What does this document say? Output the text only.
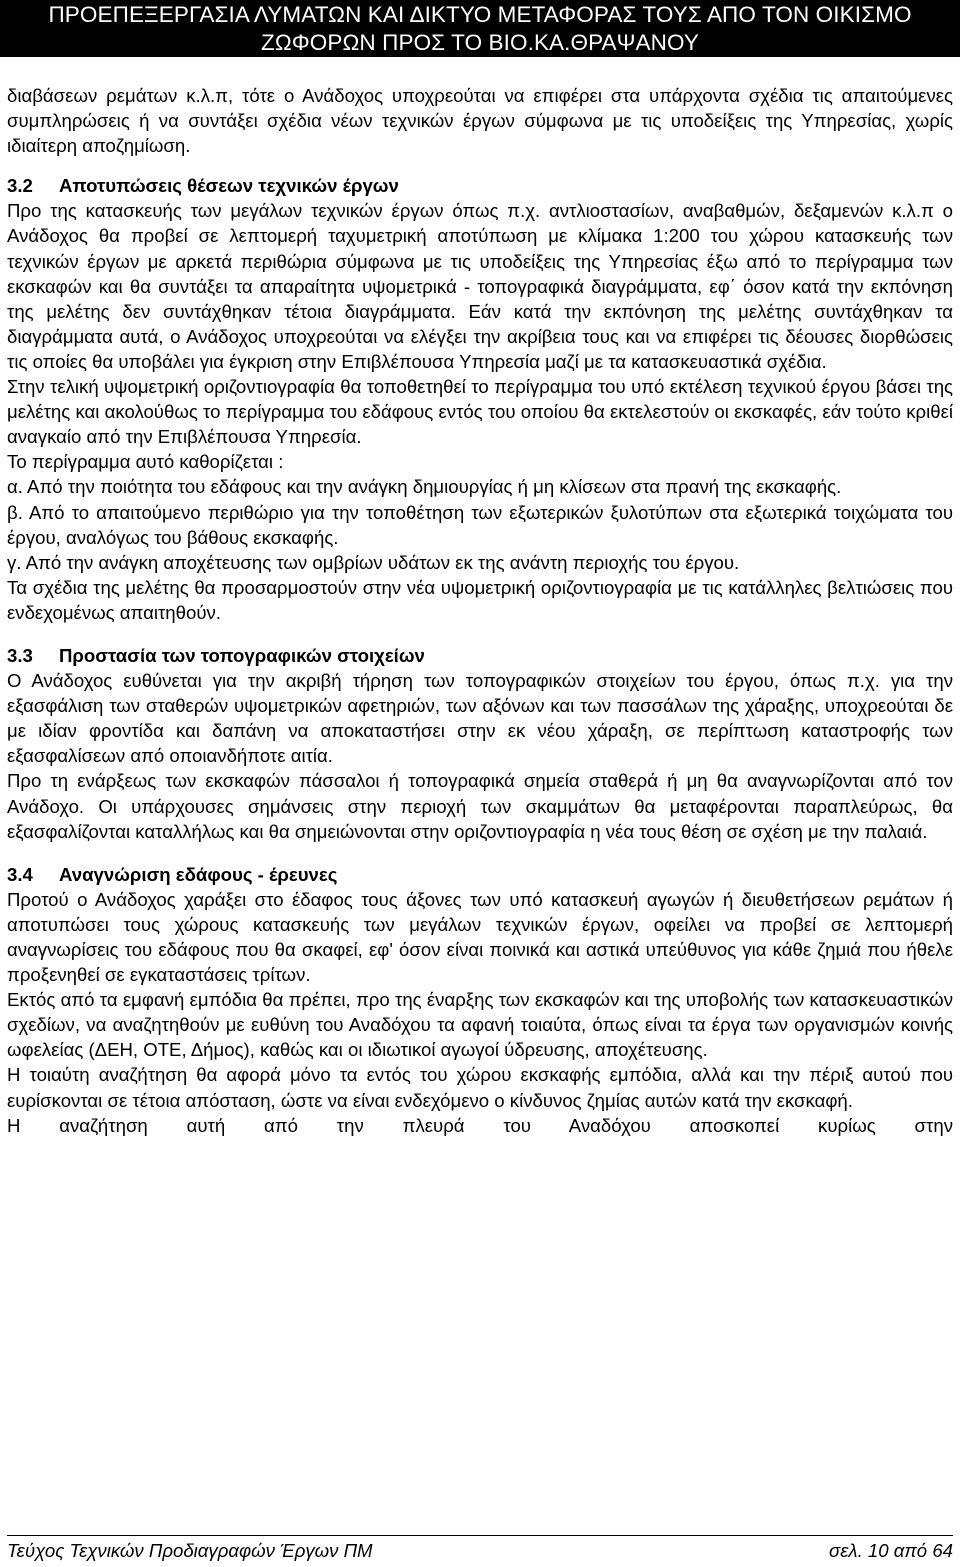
ΠΡΟΕΠΕΞΕΡΓΑΣΙΑ ΛΥΜΑΤΩΝ ΚΑΙ ΔΙΚΤΥΟ ΜΕΤΑΦΟΡΑΣ ΤΟΥΣ ΑΠΟ ΤΟΝ ΟΙΚΙΣΜΟ
ΖΩΦΟΡΩΝ ΠΡΟΣ ΤΟ ΒΙΟ.ΚΑ.ΘΡΑΨΑΝΟΥ

διαβάσεων ρεμάτων κ.λ.π, τότε ο Ανάδοχος υποχρεούται να επιφέρει στα υπάρχοντα σχέδια τις απαιτούμενες συμπληρώσεις ή να συντάξει σχέδια νέων τεχνικών έργων σύμφωνα με τις υποδείξεις της Υπηρεσίας, χωρίς ιδιαίτερη αποζημίωση.

3.2 Αποτυπώσεις θέσεων τεχνικών έργων

Προ της κατασκευής των μεγάλων τεχνικών έργων όπως π.χ. αντλιοστασίων, αναβαθμών, δεξαμενών κ.λ.π ο Ανάδοχος θα προβεί σε λεπτομερή ταχυμετρική αποτύπωση με κλίμακα 1:200 του χώρου κατασκευής των τεχνικών έργων με αρκετά περιθώρια σύμφωνα με τις υποδείξεις της Υπηρεσίας έξω από το περίγραμμα των εκσκαφών και θα συντάξει τα απαραίτητα υψομετρικά - τοπογραφικά διαγράμματα, εφ΄ όσον κατά την εκπόνηση της μελέτης δεν συντάχθηκαν τέτοια διαγράμματα. Εάν κατά την εκπόνηση της μελέτης συντάχθηκαν τα διαγράμματα αυτά, ο Ανάδοχος υποχρεούται να ελέγξει την ακρίβεια τους και να επιφέρει τις δέουσες διορθώσεις τις οποίες θα υποβάλει για έγκριση στην Επιβλέπουσα Υπηρεσία μαζί με τα κατασκευαστικά σχέδια.

Στην τελική υψομετρική οριζοντιογραφία θα τοποθετηθεί το περίγραμμα του υπό εκτέλεση τεχνικού έργου βάσει της μελέτης και ακολούθως το περίγραμμα του εδάφους εντός του οποίου θα εκτελεστούν οι εκσκαφές, εάν τούτο κριθεί αναγκαίο από την Επιβλέπουσα Υπηρεσία.

Το περίγραμμα αυτό καθορίζεται :

α. Από την ποιότητα του εδάφους και την ανάγκη δημιουργίας ή μη κλίσεων στα πρανή της εκσκαφής.

β. Από το απαιτούμενο περιθώριο για την τοποθέτηση των εξωτερικών ξυλοτύπων στα εξωτερικά τοιχώματα του έργου, αναλόγως του βάθους εκσκαφής.

γ. Από την ανάγκη αποχέτευσης των ομβρίων υδάτων εκ της ανάντη περιοχής του έργου.

Τα σχέδια της μελέτης θα προσαρμοστούν στην νέα υψομετρική οριζοντιογραφία με τις κατάλληλες βελτιώσεις που ενδεχομένως απαιτηθούν.

3.3 Προστασία των τοπογραφικών στοιχείων

Ο Ανάδοχος ευθύνεται για την ακριβή τήρηση των τοπογραφικών στοιχείων του έργου, όπως π.χ. για την εξασφάλιση των σταθερών υψομετρικών αφετηριών, των αξόνων και των πασσάλων της χάραξης, υποχρεούται δε με ιδίαν φροντίδα και δαπάνη να αποκαταστήσει στην εκ νέου χάραξη, σε περίπτωση καταστροφής των εξασφαλίσεων από οποιανδήποτε αιτία.

Προ τη ενάρξεως των εκσκαφών πάσσαλοι ή τοπογραφικά σημεία σταθερά ή μη θα αναγνωρίζονται από τον Ανάδοχο. Οι υπάρχουσες σημάνσεις στην περιοχή των σκαμμάτων θα μεταφέρονται παραπλεύρως, θα εξασφαλίζονται καταλλήλως και θα σημειώνονται στην οριζοντιογραφία η νέα τους θέση σε σχέση με την παλαιά.

3.4 Αναγνώριση εδάφους - έρευνες

Προτού ο Ανάδοχος χαράξει στο έδαφος τους άξονες των υπό κατασκευή αγωγών ή διευθετήσεων ρεμάτων ή αποτυπώσει τους χώρους κατασκευής των μεγάλων τεχνικών έργων, οφείλει να προβεί σε λεπτομερή αναγνωρίσεις του εδάφους που θα σκαφεί, εφ' όσον είναι ποινικά και αστικά υπεύθυνος για κάθε ζημιά που ήθελε προξενηθεί σε εγκαταστάσεις τρίτων.

Εκτός από τα εμφανή εμπόδια θα πρέπει, προ της έναρξης των εκσκαφών και της υποβολής των κατασκευαστικών σχεδίων, να αναζητηθούν με ευθύνη του Αναδόχου τα αφανή τοιαύτα, όπως είναι τα έργα των οργανισμών κοινής ωφελείας (ΔΕΗ, ΟΤΕ, Δήμος), καθώς και οι ιδιωτικοί αγωγοί ύδρευσης, αποχέτευσης.

Η τοιαύτη αναζήτηση θα αφορά μόνο τα εντός του χώρου εκσκαφής εμπόδια, αλλά και την πέριξ αυτού που ευρίσκονται σε τέτοια απόσταση, ώστε να είναι ενδεχόμενο ο κίνδυνος ζημίας αυτών κατά την εκσκαφή.

Η αναζήτηση αυτή από την πλευρά του Αναδόχου αποσκοπεί κυρίως στην

Τεύχος Τεχνικών Προδιαγραφών Έργων ΠΜ	σελ. 10 από 64
